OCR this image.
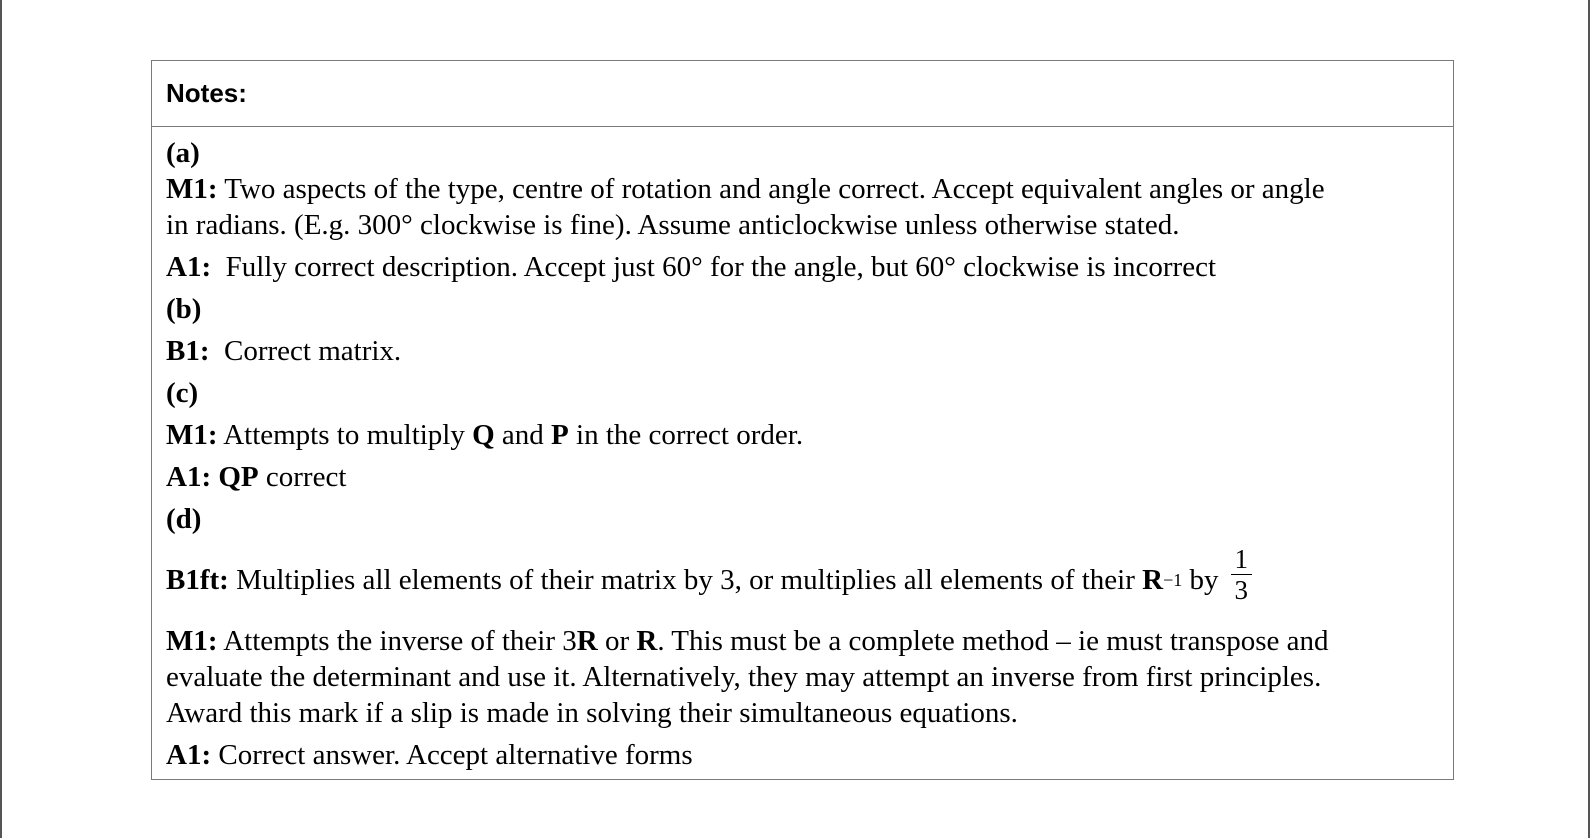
Notes:
(a)
M1: Two aspects of the type, centre of rotation and angle correct. Accept equivalent angles or angle
in radians. (E.g. 300° clockwise is fine). Assume anticlockwise unless otherwise stated.
A1: Fully correct description. Accept just 60° for the angle, but 60° clockwise is incorrect
(b)
B1: Correct matrix.
(c)
M1: Attempts to multiply Q and P in the correct order.
A1: QP correct
(d)
B1ft:
Multiplies all elements of their matrix by 3, or multiplies all elements of their
R −1
by $\frac{1}{3}$
M1: Attempts the inverse of their 3R or R. This must be a complete method – ie must transpose and
evaluate the determinant and use it. Alternatively, they may attempt an inverse from first principles.
Award this mark if a slip is made in solving their simultaneous equations.
A1: Correct answer. Accept alternative forms
